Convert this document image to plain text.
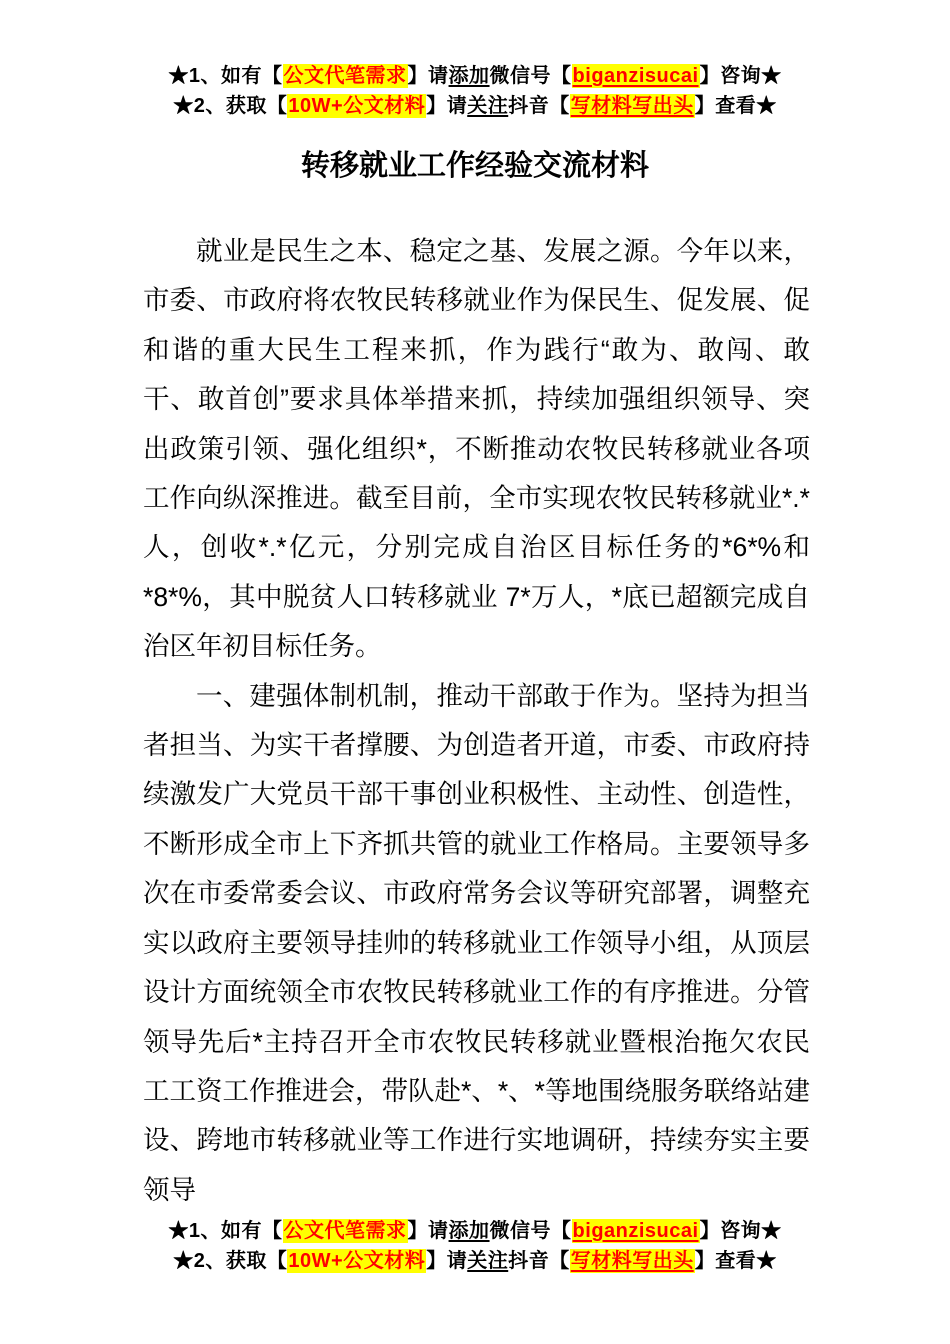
★1、如有【公文代笔需求】请添加微信号【biganzisucai】咨询★
★2、获取【10W+公文材料】请关注抖音【写材料写出头】查看★
转移就业工作经验交流材料

就业是民生之本、稳定之基、发展之源。今年以来，市委、市政府将农牧民转移就业作为保民生、促发展、促和谐的重大民生工程来抓，作为践行“敢为、敢闯、敢干、敢首创”要求具体举措来抓，持续加强组织领导、突出政策引领、强化组织*，不断推动农牧民转移就业各项工作向纵深推进。截至目前，全市实现农牧民转移就业*.*人，创收*.*亿元，分别完成自治区目标任务的*6*%和*8*%，其中脱贫人口转移就业 7*万人，*底已超额完成自治区年初目标任务。

一、建强体制机制，推动干部敢于作为。坚持为担当者担当、为实干者撑腰、为创造者开道，市委、市政府持续激发广大党员干部干事创业积极性、主动性、创造性，不断形成全市上下齐抓共管的就业工作格局。主要领导多次在市委常委会议、市政府常务会议等研究部署，调整充实以政府主要领导挂帅的转移就业工作领导小组，从顶层设计方面统领全市农牧民转移就业工作的有序推进。分管领导先后*主持召开全市农牧民转移就业暨根治拖欠农民工工资工作推进会，带队赴*、*、*等地围绕服务联络站建设、跨地市转移就业等工作进行实地调研，持续夯实主要领导

★1、如有【公文代笔需求】请添加微信号【biganzisucai】咨询★
★2、获取【10W+公文材料】请关注抖音【写材料写出头】查看★
